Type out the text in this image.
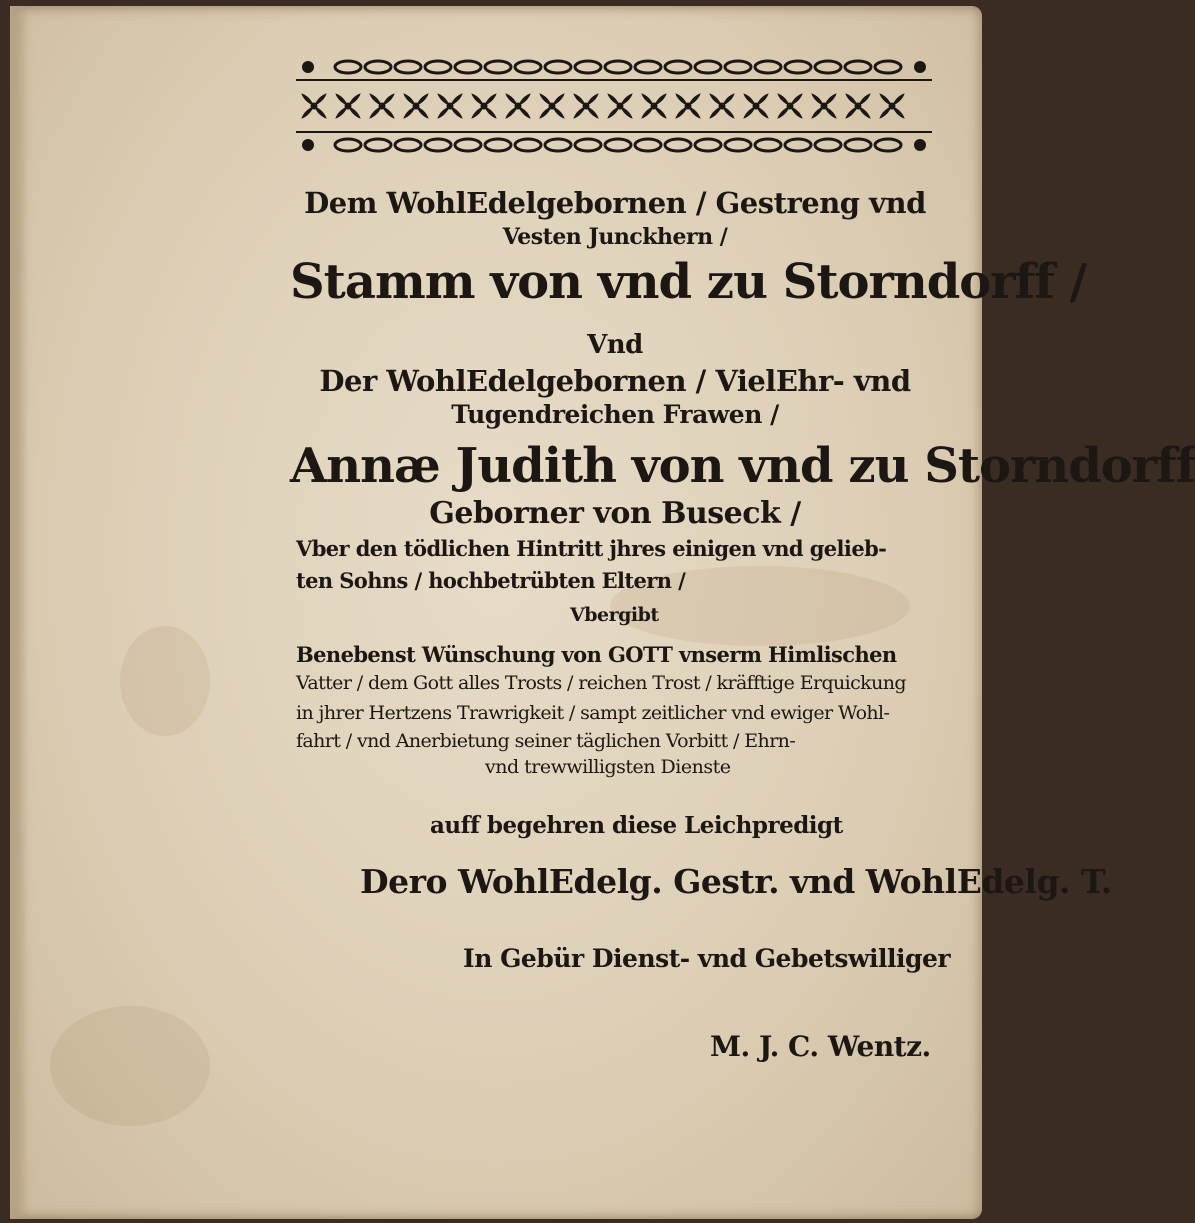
Dem WohlEdelgebornen / Gestreng vnd
Vesten Junckhern /
Stamm von vnd zu Storndorff /
Vnd
Der WohlEdelgebornen / VielEhr- vnd
Tugendreichen Frawen /
Annæ Judith von vnd zu Storndorff
Geborner von Buseck /
Vber den tödlichen Hintritt jhres einigen vnd gelieb-
ten Sohns / hochbetrübten Eltern /
Vbergibt
Benebenst Wünschung von GOTT vnserm Himlischen
Vatter / dem Gott alles Trosts / reichen Trost / kräfftige Erquickung
in jhrer Hertzens Trawrigkeit / sampt zeitlicher vnd ewiger Wohl-
fahrt / vnd Anerbietung seiner täglichen Vorbitt / Ehrn-
vnd trewwilligsten Dienste
auff begehren diese Leichpredigt
Dero WohlEdelg. Gestr. vnd WohlEdelg. T.
In Gebür Dienst- vnd Gebetswilliger
M. J. C. Wentz.
